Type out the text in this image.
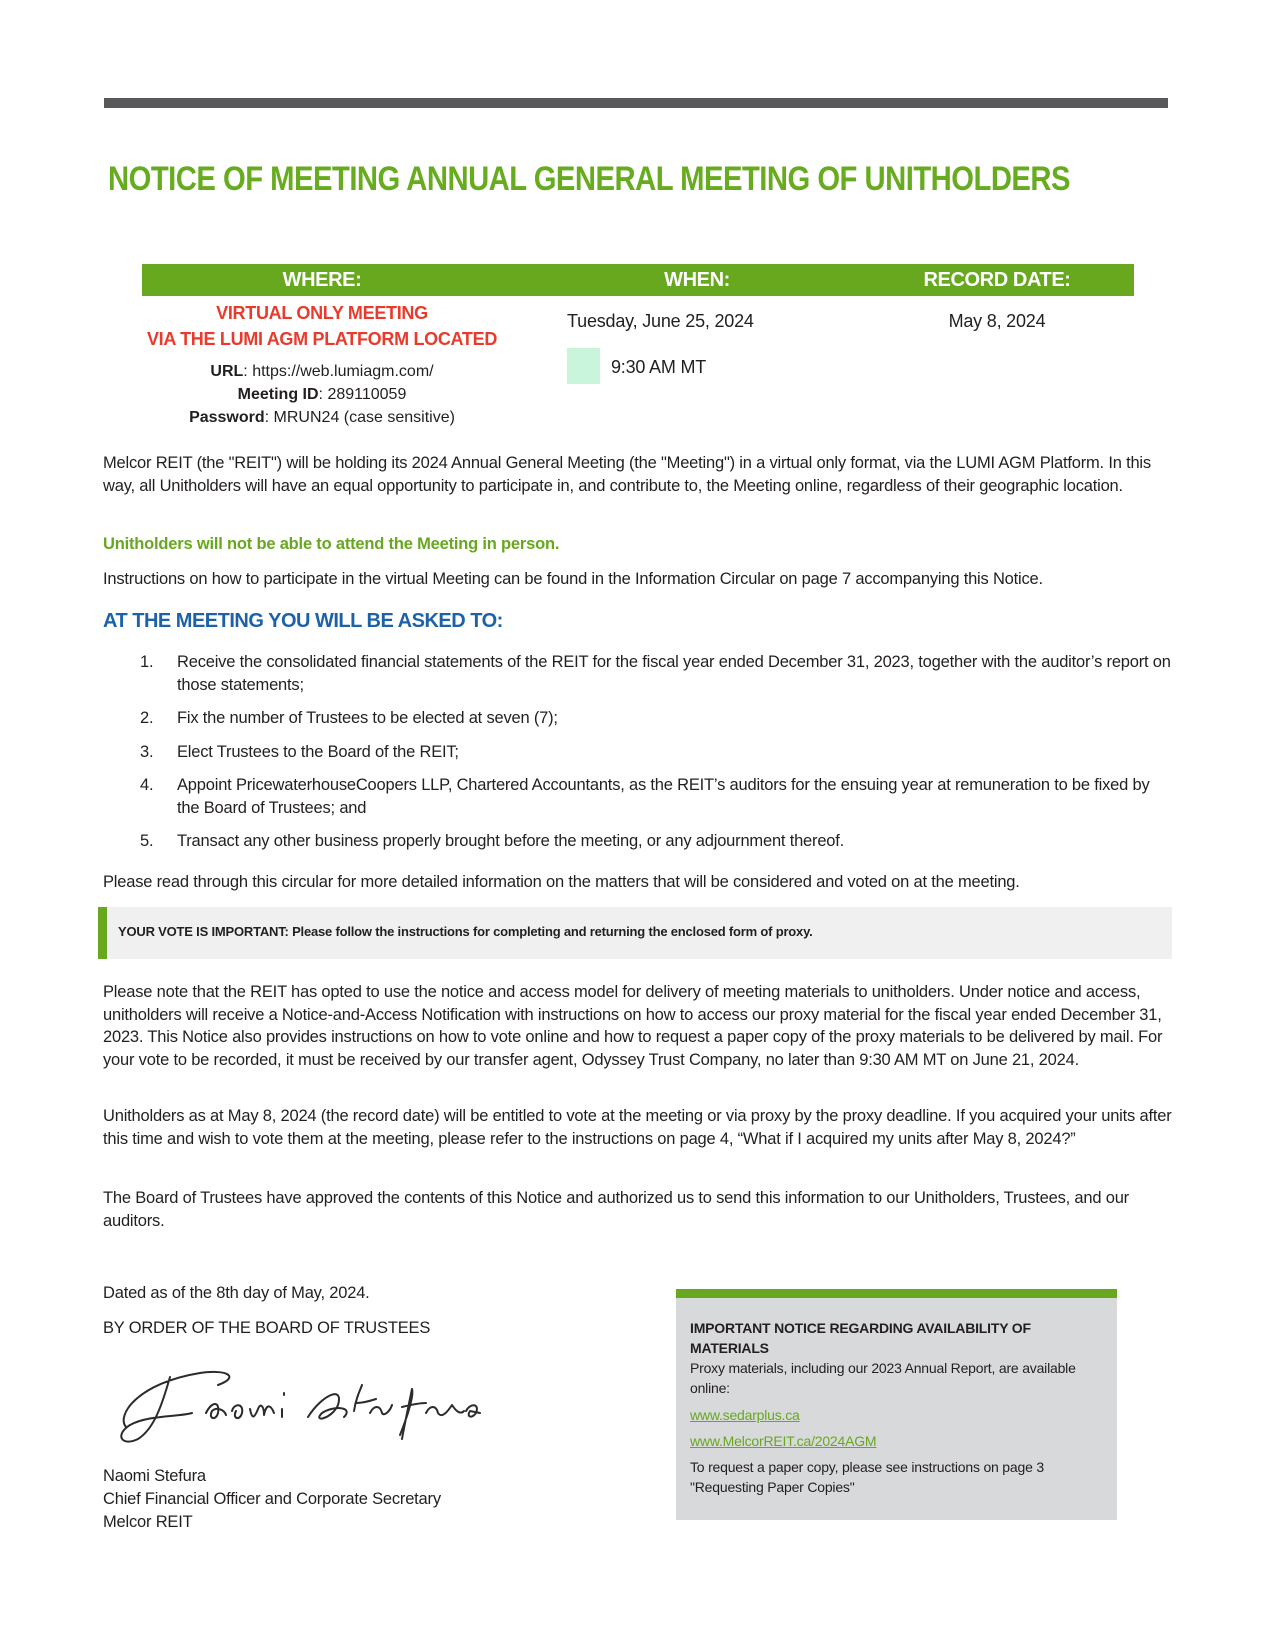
NOTICE OF MEETING ANNUAL GENERAL MEETING OF UNITHOLDERS
WHERE:	WHEN:	RECORD DATE:
VIRTUAL ONLY MEETING
VIA THE LUMI AGM PLATFORM LOCATED
URL: https://web.lumiagm.com/
Meeting ID: 289110059
Password: MRUN24 (case sensitive)
Tuesday, June 25, 2024
9:30 AM MT
May 8, 2024
Melcor REIT (the "REIT") will be holding its 2024 Annual General Meeting (the "Meeting") in a virtual only format, via the LUMI AGM Platform. In this way, all Unitholders will have an equal opportunity to participate in, and contribute to, the Meeting online, regardless of their geographic location.
Unitholders will not be able to attend the Meeting in person.
Instructions on how to participate in the virtual Meeting can be found in the Information Circular on page 7 accompanying this Notice.
AT THE MEETING YOU WILL BE ASKED TO:
1. Receive the consolidated financial statements of the REIT for the fiscal year ended December 31, 2023, together with the auditor’s report on those statements;
2. Fix the number of Trustees to be elected at seven (7);
3. Elect Trustees to the Board of the REIT;
4. Appoint PricewaterhouseCoopers LLP, Chartered Accountants, as the REIT’s auditors for the ensuing year at remuneration to be fixed by the Board of Trustees; and
5. Transact any other business properly brought before the meeting, or any adjournment thereof.
Please read through this circular for more detailed information on the matters that will be considered and voted on at the meeting.
YOUR VOTE IS IMPORTANT: Please follow the instructions for completing and returning the enclosed form of proxy.
Please note that the REIT has opted to use the notice and access model for delivery of meeting materials to unitholders. Under notice and access, unitholders will receive a Notice-and-Access Notification with instructions on how to access our proxy material for the fiscal year ended December 31, 2023. This Notice also provides instructions on how to vote online and how to request a paper copy of the proxy materials to be delivered by mail. For your vote to be recorded, it must be received by our transfer agent, Odyssey Trust Company, no later than 9:30 AM MT on June 21, 2024.
Unitholders as at May 8, 2024 (the record date) will be entitled to vote at the meeting or via proxy by the proxy deadline. If you acquired your units after this time and wish to vote them at the meeting, please refer to the instructions on page 4, “What if I acquired my units after May 8, 2024?”
The Board of Trustees have approved the contents of this Notice and authorized us to send this information to our Unitholders, Trustees, and our auditors.
Dated as of the 8th day of May, 2024.
BY ORDER OF THE BOARD OF TRUSTEES
Naomi Stefura
Chief Financial Officer and Corporate Secretary
Melcor REIT
IMPORTANT NOTICE REGARDING AVAILABILITY OF MATERIALS
Proxy materials, including our 2023 Annual Report, are available online:
www.sedarplus.ca
www.MelcorREIT.ca/2024AGM
To request a paper copy, please see instructions on page 3 "Requesting Paper Copies"
